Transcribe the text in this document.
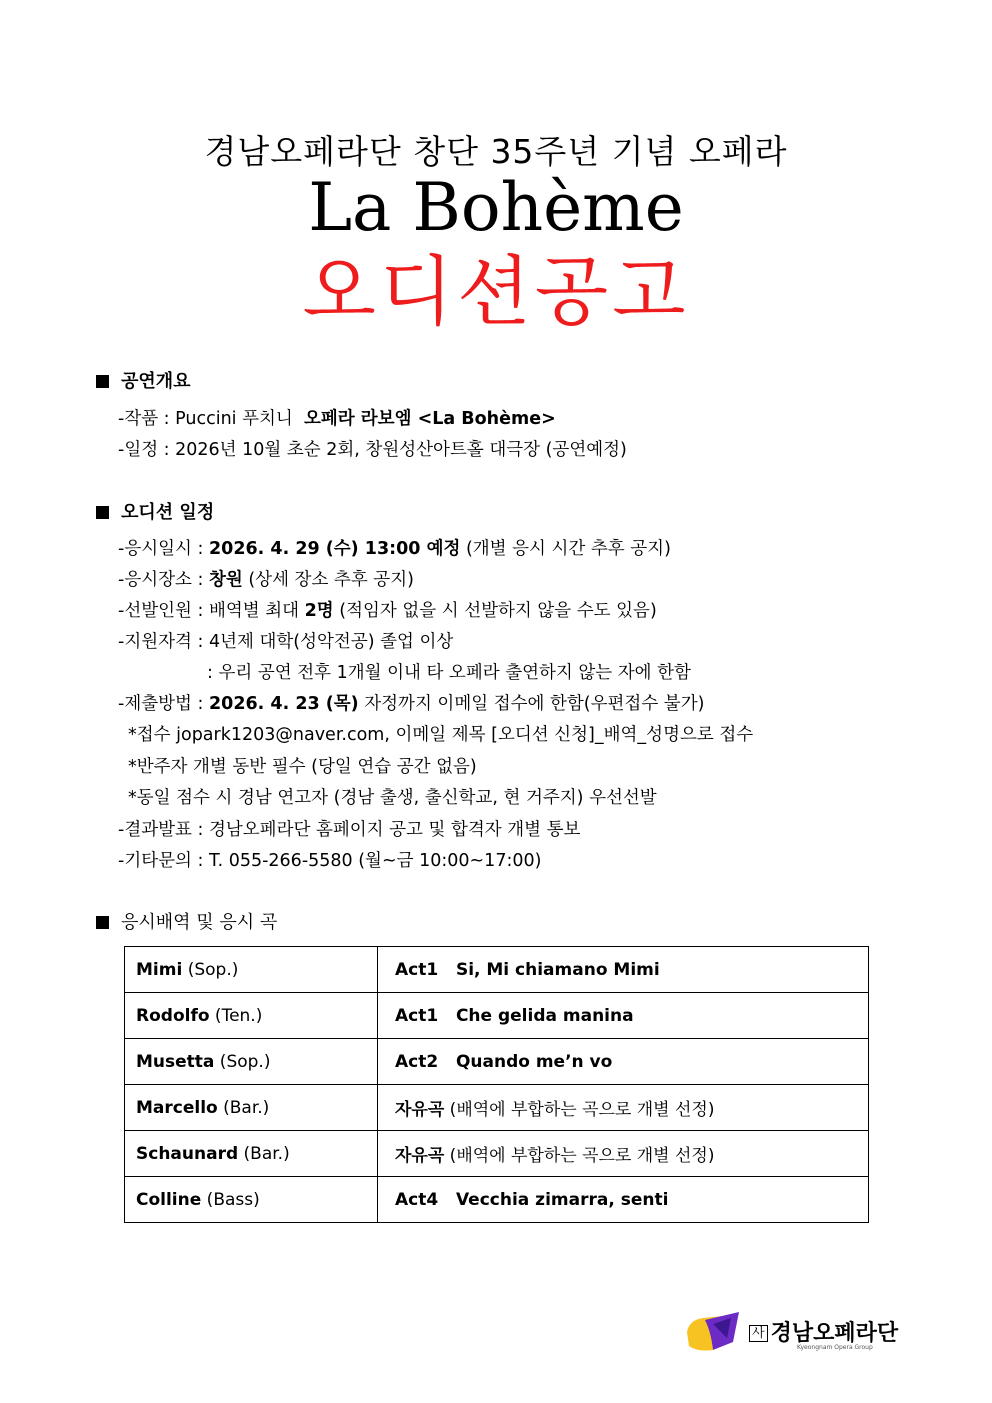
경남오페라단 창단 35주년 기념 오페라
La Bohème
오디션공고
공연개요
-작품 : Puccini 푸치니  오페라 라보엠 <La Bohème>
-일정 : 2026년 10월 초순 2회, 창원성산아트홀 대극장 (공연예정)
오디션 일정
-응시일시 : 2026. 4. 29 (수) 13:00 예정 (개별 응시 시간 추후 공지)
-응시장소 : 창원 (상세 장소 추후 공지)
-선발인원 : 배역별 최대 2명 (적임자 없을 시 선발하지 않을 수도 있음)
-지원자격 : 4년제 대학(성악전공) 졸업 이상
: 우리 공연 전후 1개월 이내 타 오페라 출연하지 않는 자에 한함
-제출방법 : 2026. 4. 23 (목) 자정까지 이메일 접수에 한함(우편접수 불가)
*접수 jopark1203@naver.com, 이메일 제목 [오디션 신청]_배역_성명으로 접수
*반주자 개별 동반 필수 (당일 연습 공간 없음)
*동일 점수 시 경남 연고자 (경남 출생, 출신학교, 현 거주지) 우선선발
-결과발표 : 경남오페라단 홈페이지 공고 및 합격자 개별 통보
-기타문의 : T. 055-266-5580 (월~금 10:00~17:00)
응시배역 및 응시 곡
Mimi (Sop.)	Act1   Si, Mi chiamano Mimi
Rodolfo (Ten.)	Act1   Che gelida manina
Musetta (Sop.)	Act2   Quando me’n vo
Marcello (Bar.)	자유곡 (배역에 부합하는 곡으로 개별 선정)
Schaunard (Bar.)	자유곡 (배역에 부합하는 곡으로 개별 선정)
Colline (Bass)	Act4   Vecchia zimarra, senti
사 경남오페라단
Kyeongnam Opera Group
